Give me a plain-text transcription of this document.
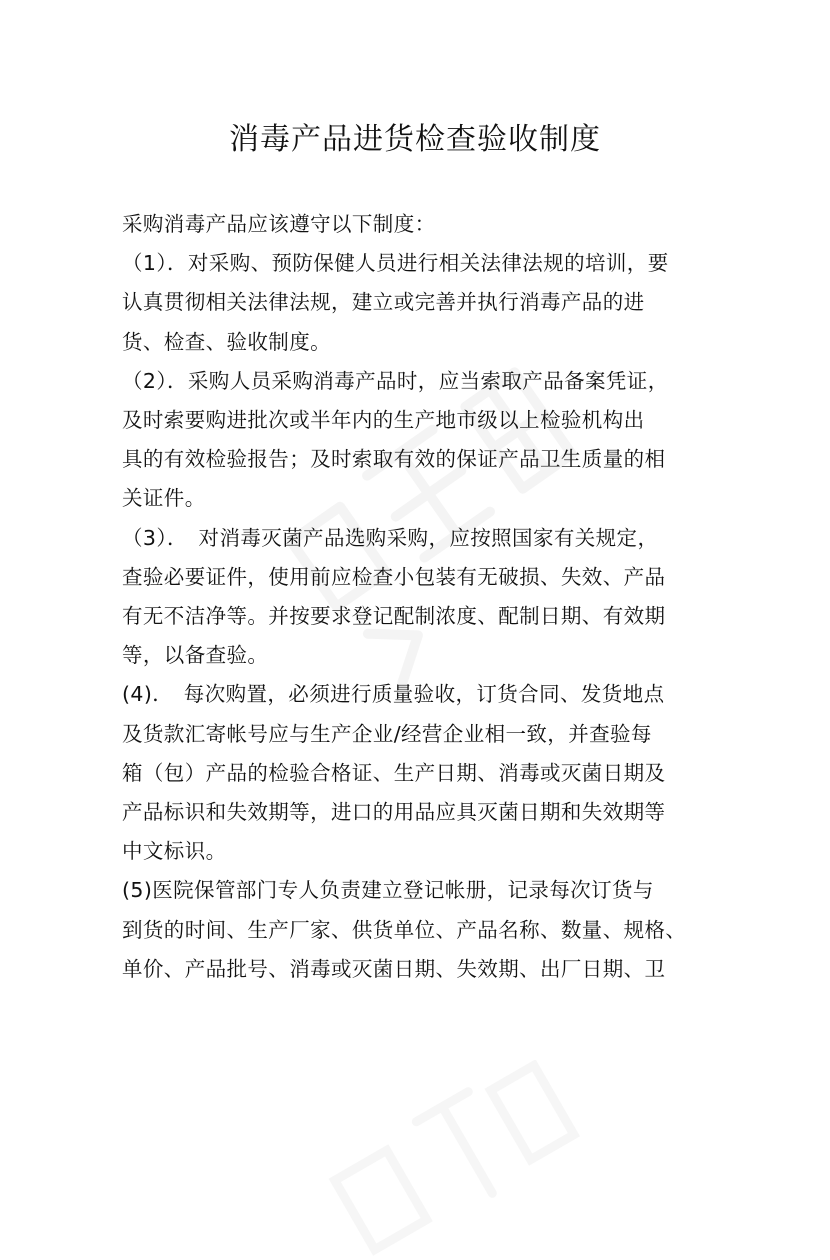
消毒产品进货检查验收制度
采购消毒产品应该遵守以下制度：
（1）．对采购、预防保健人员进行相关法律法规的培训，要
认真贯彻相关法律法规，建立或完善并执行消毒产品的进
货、检查、验收制度。
（2）．采购人员采购消毒产品时，应当索取产品备案凭证，
及时索要购进批次或半年内的生产地市级以上检验机构出
具的有效检验报告；及时索取有效的保证产品卫生质量的相
关证件。
（3）．　对消毒灭菌产品选购采购，应按照国家有关规定，
查验必要证件，使用前应检查小包装有无破损、失效、产品
有无不洁净等。并按要求登记配制浓度、配制日期、有效期
等，以备查验。
(4)．　每次购置，必须进行质量验收，订货合同、发货地点
及货款汇寄帐号应与生产企业/经营企业相一致，并查验每
箱（包）产品的检验合格证、生产日期、消毒或灭菌日期及
产品标识和失效期等，进口的用品应具灭菌日期和失效期等
中文标识。
(5)医院保管部门专人负责建立登记帐册，记录每次订货与
到货的时间、生产厂家、供货单位、产品名称、数量、规格、
单价、产品批号、消毒或灭菌日期、失效期、出厂日期、卫
